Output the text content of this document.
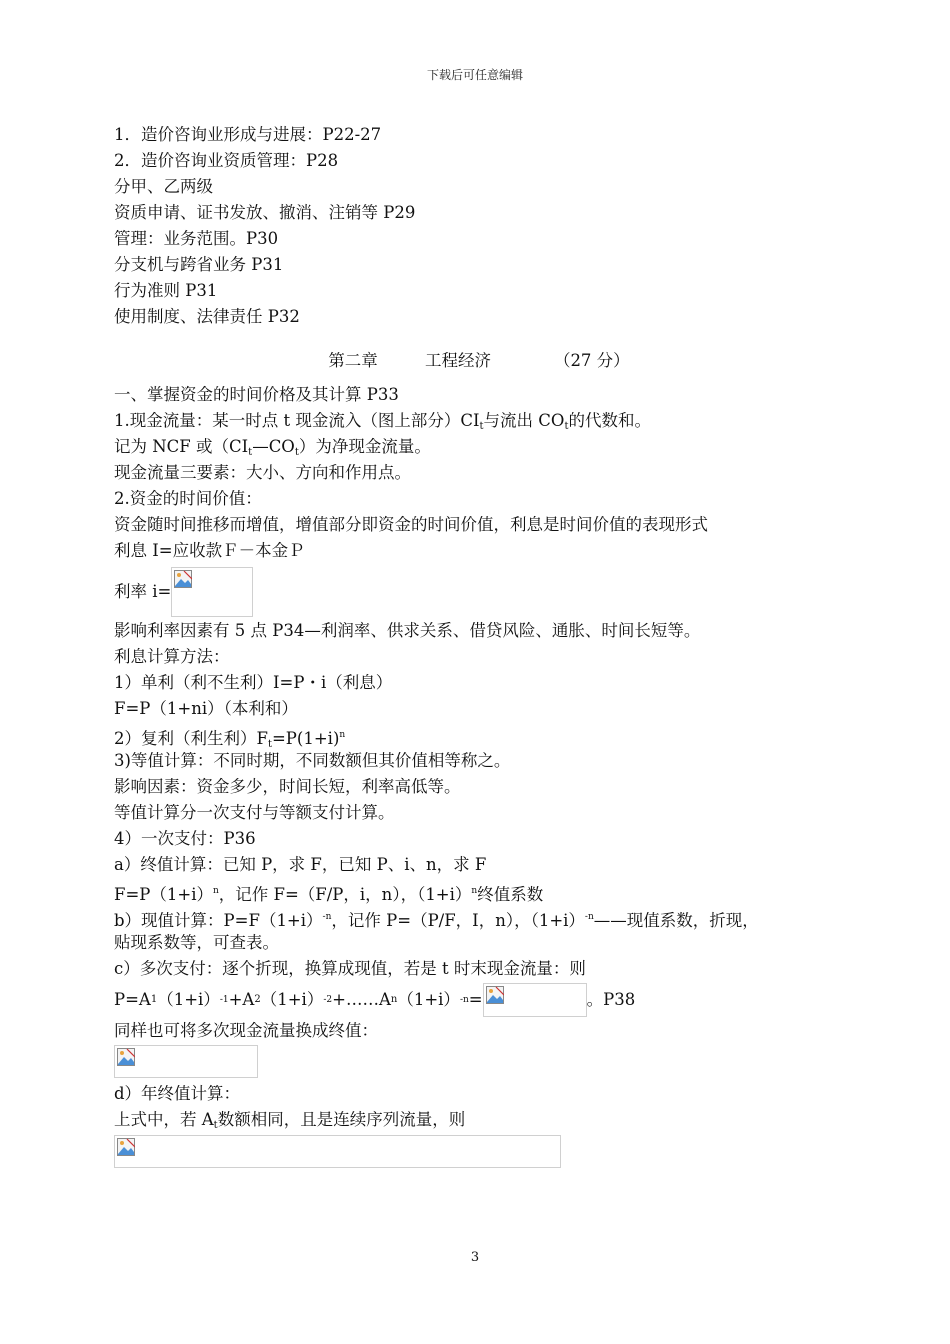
下载后可任意编辑
1．造价咨询业形成与进展：P22-27
2．造价咨询业资质管理：P28
分甲、乙两级
资质申请、证书发放、撤消、注销等 P29
管理：业务范围。P30
分支机与跨省业务 P31
行为准则 P31
使用制度、法律责任 P32
第二章         工程经济            （27 分）
一、掌握资金的时间价格及其计算 P33
1.现金流量：某一时点 t 现金流入（图上部分）$CI_t$与流出 $CO_t$的代数和。
记为 NCF 或$(CI_t—CO_t)$为净现金流量。
现金流量三要素：大小、方向和作用点。
2.资金的时间价值：
资金随时间推移而增值，增值部分即资金的时间价值，利息是时间价值的表现形式
利息 I=应收款Ｆ－本金Ｐ
利率 i=
影响利率因素有 5 点 P34—利润率、供求关系、借贷风险、通胀、时间长短等。
利息计算方法：
1）单利（利不生利）I=P・i（利息）
F=P（1+ni）（本利和）
2）复利（利生利）$F_t=P(1+i)^n$
3)等值计算：不同时期，不同数额但其价值相等称之。
影响因素：资金多少，时间长短，利率高低等。
等值计算分一次支付与等额支付计算。
4）一次支付：P36
a）终值计算：已知 P，求 F，已知 P、i、n，求 F
$F=P(1+i)^n$，记作 F=（F/P，i，n），$(1+i)^n$终值系数
b）现值计算：$P=F(1+i)^{-n}$，记作 P=（P/F，I，n），$(1+i)^{-n}——$现值系数，折现，
贴现系数等，可查表。
c）多次支付：逐个折现，换算成现值，若是 t 时末现金流量：则
P=A 1 （1+i） -1 +A 2 （1+i） -2 +……A n （1+i） -n =	。P38
同样也可将多次现金流量换成终值：
d）年终值计算：
上式中，若 $A_t$数额相同，且是连续序列流量，则
3
